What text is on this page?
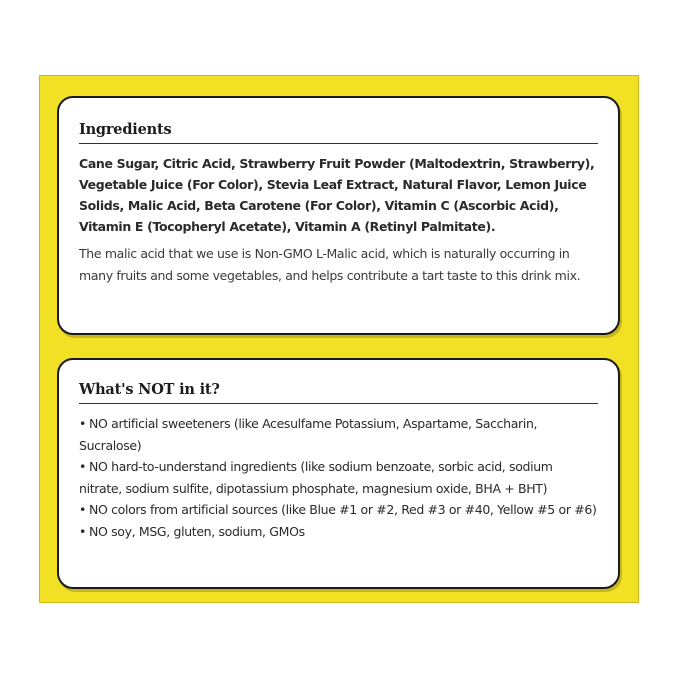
Ingredients

Cane Sugar, Citric Acid, Strawberry Fruit Powder (Maltodextrin, Strawberry), Vegetable Juice (For Color), Stevia Leaf Extract, Natural Flavor, Lemon Juice Solids, Malic Acid, Beta Carotene (For Color), Vitamin C (Ascorbic Acid), Vitamin E (Tocopheryl Acetate), Vitamin A (Retinyl Palmitate).

The malic acid that we use is Non-GMO L-Malic acid, which is naturally occurring in many fruits and some vegetables, and helps contribute a tart taste to this drink mix.

What's NOT in it?
• NO artificial sweeteners (like Acesulfame Potassium, Aspartame, Saccharin, Sucralose)
• NO hard-to-understand ingredients (like sodium benzoate, sorbic acid, sodium nitrate, sodium sulfite, dipotassium phosphate, magnesium oxide, BHA + BHT)
• NO colors from artificial sources (like Blue #1 or #2, Red #3 or #40, Yellow #5 or #6)
• NO soy, MSG, gluten, sodium, GMOs
